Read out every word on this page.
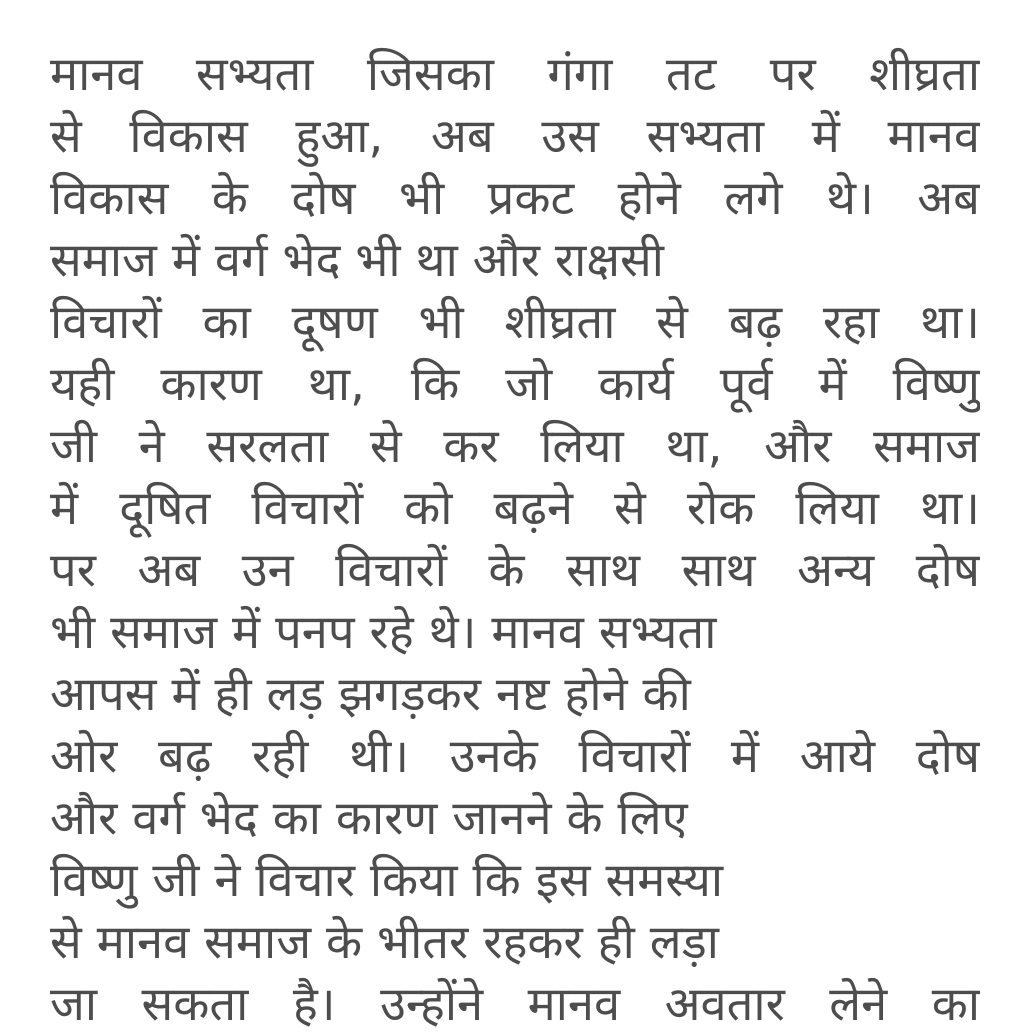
मानव सभ्यता जिसका गंगा तट पर शीघ्रता
से विकास हुआ, अब उस सभ्यता में मानव
विकास के दोष भी प्रकट होने लगे थे। अब
समाज में वर्ग भेद भी था और राक्षसी
विचारों का दूषण भी शीघ्रता से बढ़ रहा था।
यही कारण था, कि जो कार्य पूर्व में विष्णु
जी ने सरलता से कर लिया था, और समाज
में दूषित विचारों को बढ़ने से रोक लिया था।
पर अब उन विचारों के साथ साथ अन्य दोष
भी समाज में पनप रहे थे। मानव सभ्यता
आपस में ही लड़ झगड़कर नष्ट होने की
ओर बढ़ रही थी। उनके विचारों में आये दोष
और वर्ग भेद का कारण जानने के लिए
विष्णु जी ने विचार किया कि इस समस्या
से मानव समाज के भीतर रहकर ही लड़ा
जा सकता है। उन्होंने मानव अवतार लेने का
